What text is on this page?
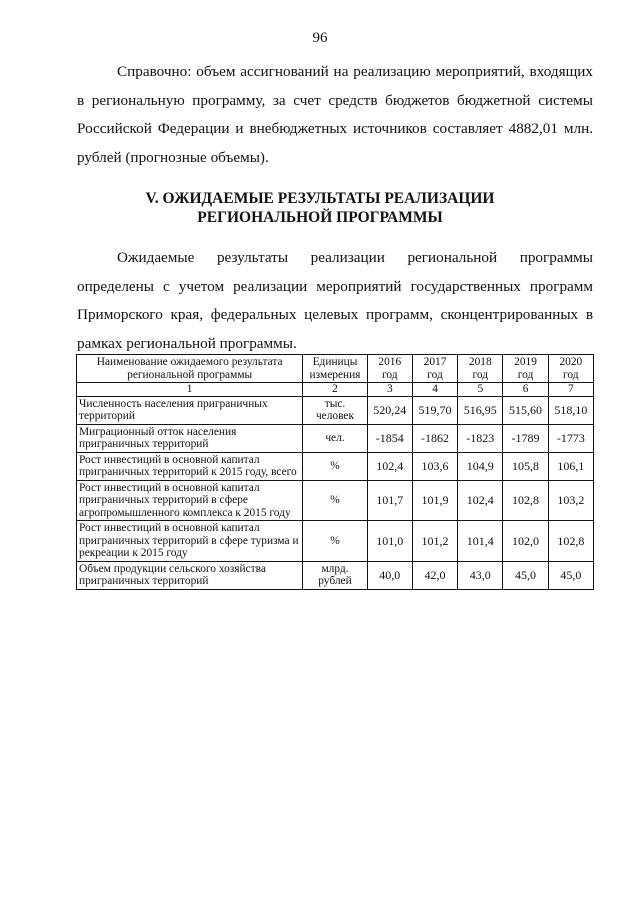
96

Справочно: объем ассигнований на реализацию мероприятий, входящих в региональную программу, за счет средств бюджетов бюджетной системы Российской Федерации и внебюджетных источников составляет 4882,01 млн. рублей (прогнозные объемы).

V. ОЖИДАЕМЫЕ РЕЗУЛЬТАТЫ РЕАЛИЗАЦИИ
РЕГИОНАЛЬНОЙ ПРОГРАММЫ

Ожидаемые результаты реализации региональной программы определены с учетом реализации мероприятий государственных программ Приморского края, федеральных целевых программ, сконцентрированных в рамках региональной программы.

Наименование ожидаемого результата региональной программы	Единицы измерения	2016 год	2017 год	2018 год	2019 год	2020 год
1	2	3	4	5	6	7
Численность населения приграничных территорий	тыс. человек	520,24	519,70	516,95	515,60	518,10
Миграционный отток населения приграничных территорий	чел.	-1854	-1862	-1823	-1789	-1773
Рост инвестиций в основной капитал приграничных территорий к 2015 году, всего	%	102,4	103,6	104,9	105,8	106,1
Рост инвестиций в основной капитал приграничных территорий в сфере агропромышленного комплекса к 2015 году	%	101,7	101,9	102,4	102,8	103,2
Рост инвестиций в основной капитал приграничных территорий в сфере туризма и рекреации к 2015 году	%	101,0	101,2	101,4	102,0	102,8
Объем продукции сельского хозяйства приграничных территорий	млрд. рублей	40,0	42,0	43,0	45,0	45,0
